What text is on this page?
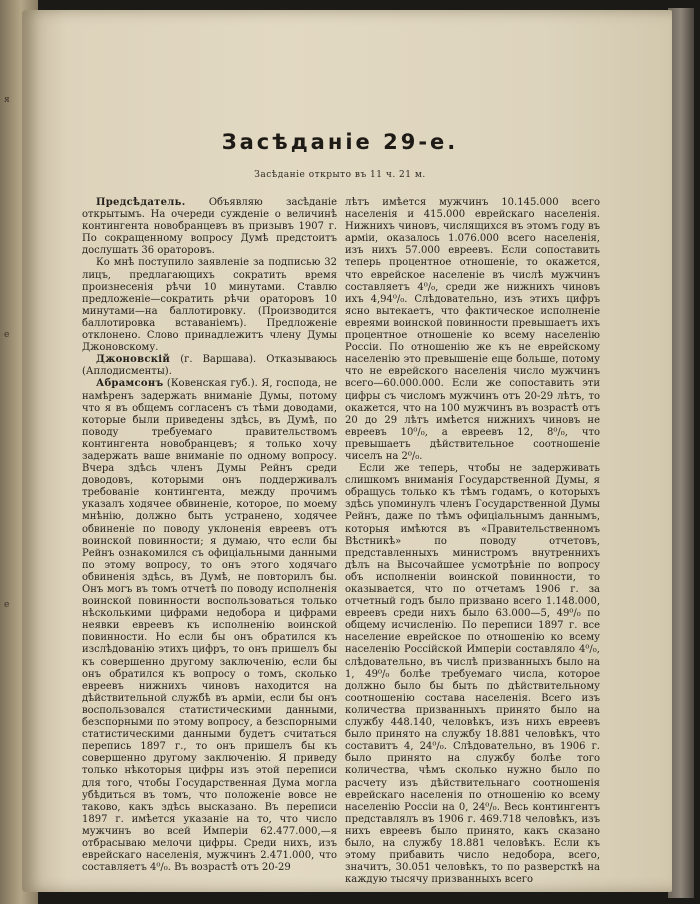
я
е
е
Засѣданіе 29-е.
Засѣданіе открыто въ 11 ч. 21 м.

Предсѣдатель. Объявляю засѣданіе открытымъ. На очереди сужденіе о величинѣ контингента новобранцевъ въ призывъ 1907 г. По сокращенному вопросу Думѣ предстоитъ дослушать 36 ораторовъ.

Ко мнѣ поступило заявленіе за подписью 32 лицъ, предлагающихъ сократить время произнесенія рѣчи 10 минутами. Ставлю предложеніе—сократить рѣчи ораторовъ 10 минутами—на баллотировку. (Производится баллотировка вставаніемъ). Предложеніе отклонено. Слово принадлежитъ члену Думы Джоновскому.

Джоновскій (г. Варшава). Отказываюсь (Аплодисменты).

Абрамсонъ (Ковенская губ.). Я, господа, не намѣренъ задержать вниманіе Думы, потому что я въ общемъ согласенъ съ тѣми доводами, которые были приведены здѣсь, въ Думѣ, по поводу требуемаго правительствомъ контингента новобранцевъ; я только хочу задержать ваше вниманіе по одному вопросу. Вчера здѣсь членъ Думы Рейнъ среди доводовъ, которыми онъ поддерживалъ требованіе контингента, между прочимъ указалъ ходячее обвиненіе, которое, по моему мнѣнію, должно быть устранено, ходячее обвиненіе по поводу уклоненія евреевъ отъ воинской повинности; я думаю, что если бы Рейнъ ознакомился съ офиціальными данными по этому вопросу, то онъ этого ходячаго обвиненія здѣсь, въ Думѣ, не повторилъ бы. Онъ могъ въ томъ отчетѣ по поводу исполненія воинской повинности воспользоваться только нѣсколькими цифрами недобора и цифрами неявки евреевъ къ исполненію воинской повинности. Но если бы онъ обратился къ изслѣдованію этихъ цифръ, то онъ пришелъ бы къ совершенно другому заключенію, если бы онъ обратился къ вопросу о томъ, сколько евреевъ нижнихъ чиновъ находится на дѣйствительной службѣ въ арміи, если бы онъ воспользовался статистическими данными, безспорными по этому вопросу, а безспорными статистическими данными будетъ считаться перепись 1897 г., то онъ пришелъ бы къ совершенно другому заключенію. Я приведу только нѣкоторыя цифры изъ этой переписи для того, чтобы Государственная Дума могла убѣдиться въ томъ, что положеніе вовсе не таково, какъ здѣсь высказано. Въ переписи 1897 г. имѣется указаніе на то, что число мужчинъ во всей Имперіи 62.477.000,—я отбрасываю мелочи цифры. Среди нихъ, изъ еврейскаго населенія, мужчинъ 2.471.000, что составляетъ 4⁰/₀. Въ возрастѣ отъ 20-29

лѣтъ имѣется мужчинъ 10.145.000 всего населенія и 415.000 еврейскаго населенія. Нижнихъ чиновъ, числящихся въ этомъ году въ арміи, оказалось 1.076.000 всего населенія, изъ нихъ 57.000 евреевъ. Если сопоставить теперь процентное отношеніе, то окажется, что еврейское населеніе въ числѣ мужчинъ составляетъ 4⁰/₀, среди же нижнихъ чиновъ ихъ 4,94⁰/₀. Слѣдовательно, изъ этихъ цифръ ясно вытекаетъ, что фактическое исполненіе евреями воинской повинности превышаетъ ихъ процентное отношеніе ко всему населенію Россіи. По отношенію же къ не еврейскому населенію это превышеніе еще больше, потому что не еврейского населенія число мужчинъ всего—60.000.000. Если же сопоставить эти цифры съ числомъ мужчинъ отъ 20-29 лѣтъ, то окажется, что на 100 мужчинъ въ возрастѣ отъ 20 до 29 лѣтъ имѣется нижнихъ чиновъ не евреевъ 10⁰/₀, а евреевъ 12, 8⁰/₀, что превышаетъ дѣйствительное соотношеніе чиселъ на 2⁰/₀.

Если же теперь, чтобы не задерживать слишкомъ вниманія Государственной Думы, я обращусь только къ тѣмъ годамъ, о которыхъ здѣсь упоминулъ членъ Государственной Думы Рейнъ, даже по тѣмъ офиціальнымъ даннымъ, которыя имѣются въ «Правительственномъ Вѣстникѣ» по поводу отчетовъ, представленныхъ министромъ внутреннихъ дѣлъ на Высочайшее усмотрѣніе по вопросу объ исполненіи воинской повинности, то оказывается, что по отчетамъ 1906 г. за отчетный годъ было призвано всего 1.148.000, евреевъ среди нихъ было 63.000—5, 49⁰/₀ по общему исчисленію. По переписи 1897 г. все население еврейское по отношенію ко всему населенію Россійской Имперіи составляло 4⁰/₀, слѣдовательно, въ числѣ призванныхъ было на 1, 49⁰/₀ болѣе требуемаго числа, которое должно было бы быть по дѣйствительному соотношенію состава населенія. Всего изъ количества призванныхъ принято было на службу 448.140, человѣкъ, изъ нихъ евреевъ было принято на службу 18.881 человѣкъ, что составитъ 4, 24⁰/₀. Слѣдовательно, въ 1906 г. было принято на службу болѣе того количества, чѣмъ сколько нужно было по расчету изъ дѣйствительнаго соотношенія еврейскаго населенія по отношенію ко всему населенію Россіи на 0, 24⁰/₀. Весь контингентъ представлялъ въ 1906 г. 469.718 человѣкъ, изъ нихъ евреевъ было принято, какъ сказано было, на службу 18.881 человѣкъ. Если къ этому прибавить число недобора, всего, значитъ, 30.051 человѣкъ, то по разверсткѣ на каждую тысячу призванныхъ всего
